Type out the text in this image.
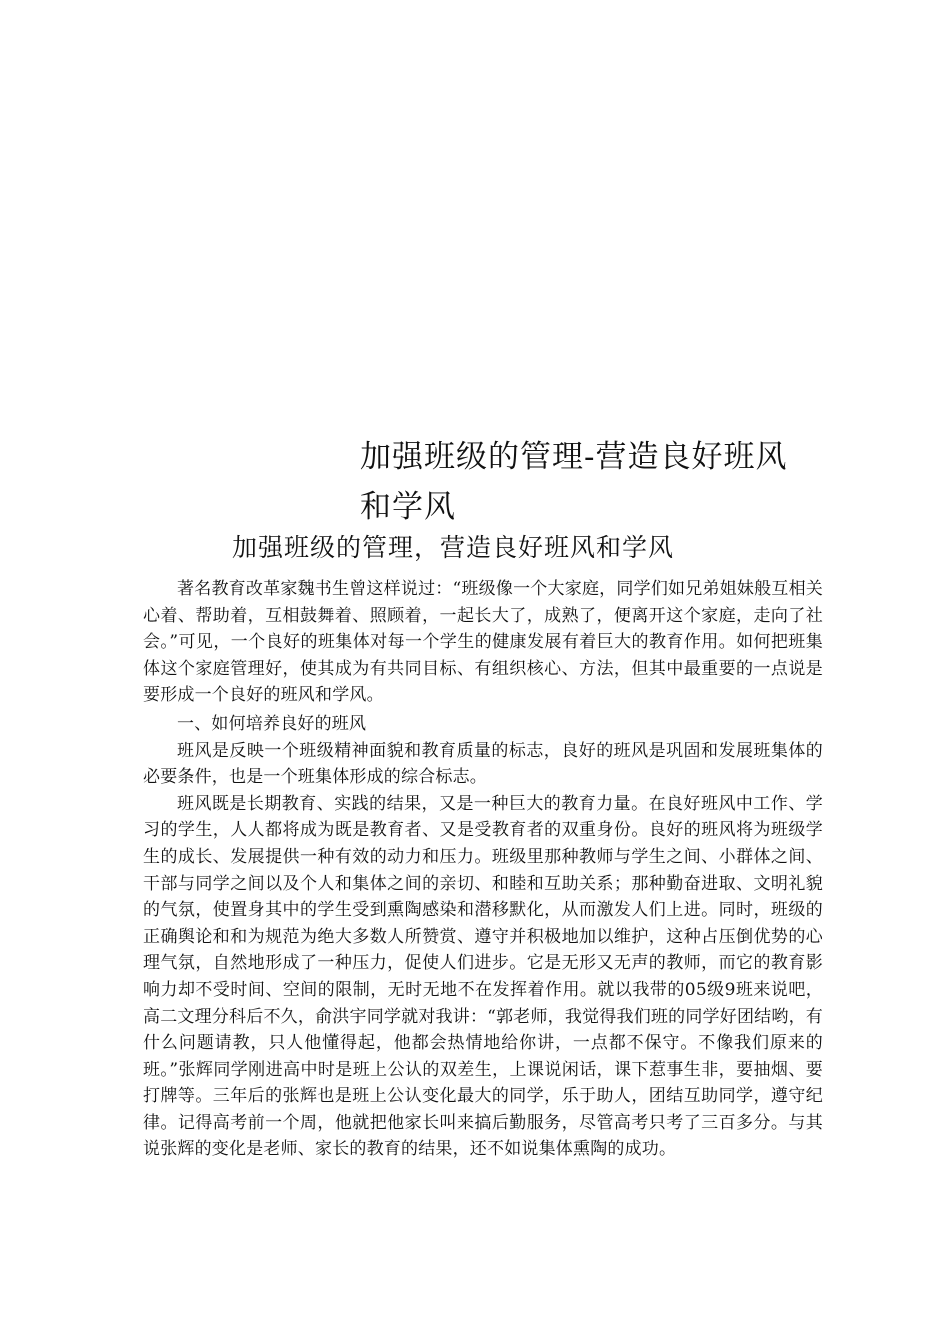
加强班级的管理-营造良好班风和学风
加强班级的管理，营造良好班风和学风

著名教育改革家魏书生曾这样说过：“班级像一个大家庭，同学们如兄弟姐妹般互相关心着、帮助着，互相鼓舞着、照顾着，一起长大了，成熟了，便离开这个家庭，走向了社会。”可见，一个良好的班集体对每一个学生的健康发展有着巨大的教育作用。如何把班集体这个家庭管理好，使其成为有共同目标、有组织核心、方法，但其中最重要的一点说是要形成一个良好的班风和学风。

一、如何培养良好的班风

班风是反映一个班级精神面貌和教育质量的标志，良好的班风是巩固和发展班集体的必要条件，也是一个班集体形成的综合标志。

班风既是长期教育、实践的结果，又是一种巨大的教育力量。在良好班风中工作、学习的学生，人人都将成为既是教育者、又是受教育者的双重身份。良好的班风将为班级学生的成长、发展提供一种有效的动力和压力。班级里那种教师与学生之间、小群体之间、干部与同学之间以及个人和集体之间的亲切、和睦和互助关系；那种勤奋进取、文明礼貌的气氛，使置身其中的学生受到熏陶感染和潜移默化，从而激发人们上进。同时，班级的正确舆论和和为规范为绝大多数人所赞赏、遵守并积极地加以维护，这种占压倒优势的心理气氛，自然地形成了一种压力，促使人们进步。它是无形又无声的教师，而它的教育影响力却不受时间、空间的限制，无时无地不在发挥着作用。就以我带的05级9班来说吧，高二文理分科后不久，俞洪宇同学就对我讲：“郭老师，我觉得我们班的同学好团结哟，有什么问题请教，只人他懂得起，他都会热情地给你讲，一点都不保守。不像我们原来的班。”张辉同学刚进高中时是班上公认的双差生，上课说闲话，课下惹事生非，要抽烟、要打牌等。三年后的张辉也是班上公认变化最大的同学，乐于助人，团结互助同学，遵守纪律。记得高考前一个周，他就把他家长叫来搞后勤服务，尽管高考只考了三百多分。与其说张辉的变化是老师、家长的教育的结果，还不如说集体熏陶的成功。
